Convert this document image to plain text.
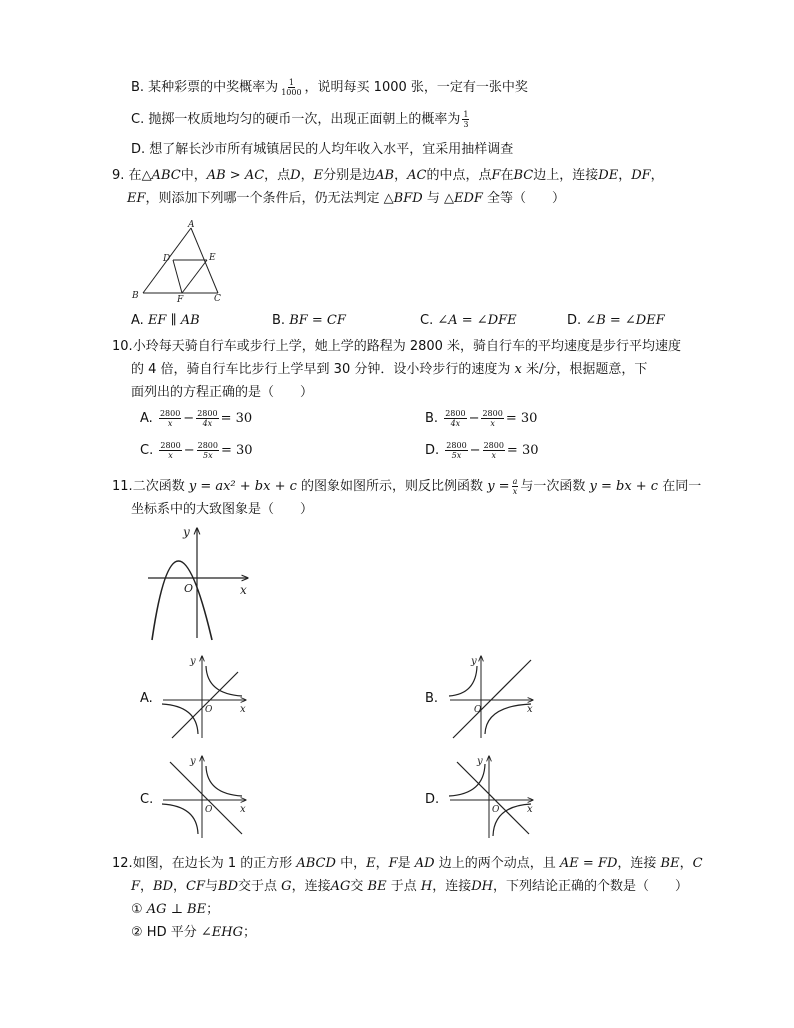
B. 某种彩票的中奖概率为 $\frac{1}{1000}$ ，说明每买 1000 张，一定有一张中奖
C. 抛掷一枚质地均匀的硬币一次，出现正面朝上的概率为 $\frac{1}{3}$
D. 想了解长沙市所有城镇居民的人均年收入水平，宜采用抽样调查
9. 在△ABC中，AB > AC，点D，E分别是边AB，AC的中点，点F在BC边上，连接DE，DF，
EF，则添加下列哪一个条件后，仍无法判定 △BFD 与 △EDF 全等（　　）
A
B	C
D	E
F
A. EF ∥ AB	B. BF = CF	C. ∠A = ∠DFE	D. ∠B = ∠DEF
10.小玲每天骑自行车或步行上学，她上学的路程为 2800 米，骑自行车的平均速度是步行平均速度
的 4 倍，骑自行车比步行上学早到 30 分钟．设小玲步行的速度为 x 米/分，根据题意，下
面列出的方程正确的是（　　）
A. $\frac{2800}{x} - \frac{2800}{4x} = 30$	B. $\frac{2800}{4x} - \frac{2800}{x} = 30$
C. $\frac{2800}{x} - \frac{2800}{5x} = 30$	D. $\frac{2800}{5x} - \frac{2800}{x} = 30$
11.二次函数 y = ax² + bx + c 的图象如图所示，则反比例函数 $y = \frac{a}{x}$ 与一次函数 y = bx + c 在同一
坐标系中的大致图象是（　　）
x
y
O
A.
x
y
O
B.
x
y
O
C.
x
y
O
D.
x
y
O
12.如图，在边长为 1 的正方形 ABCD 中，E，F是 AD 边上的两个动点，且 AE = FD，连接 BE，C
F，BD，CF与BD交于点 G，连接AG交 BE 于点 H，连接DH，下列结论正确的个数是（　　）
① AG ⊥ BE；
② HD 平分 ∠EHG；
